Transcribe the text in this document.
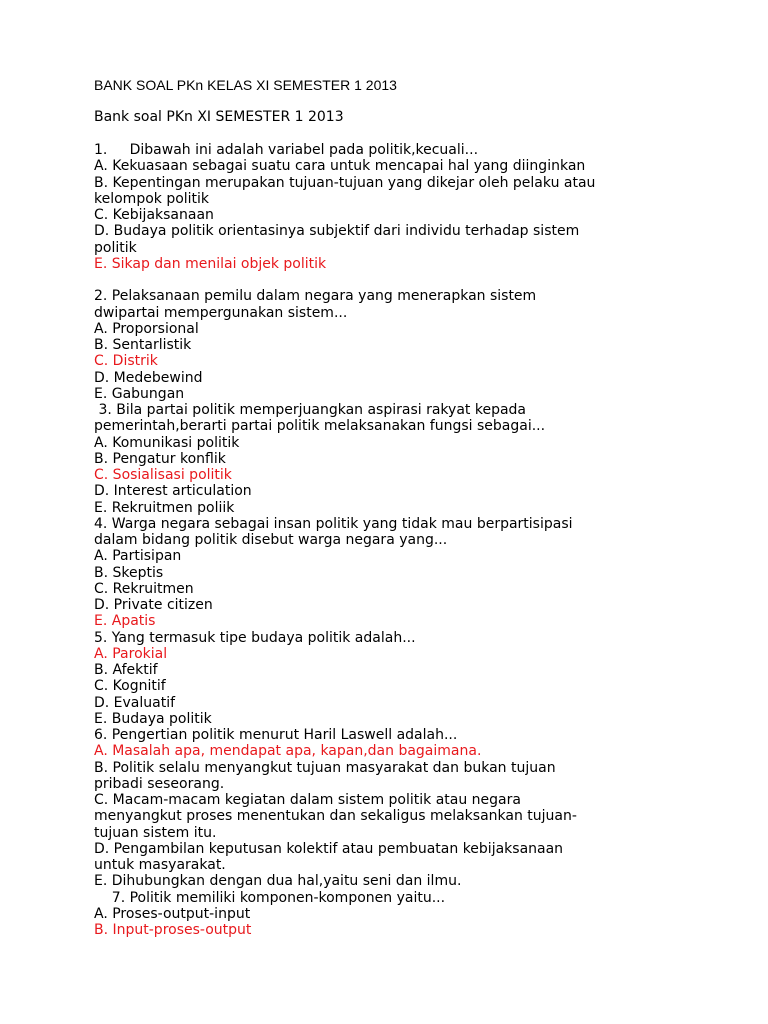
BANK SOAL PKn KELAS XI SEMESTER 1 2013
Bank soal PKn XI SEMESTER 1 2013
1.     Dibawah ini adalah variabel pada politik,kecuali...
A. Kekuasaan sebagai suatu cara untuk mencapai hal yang diinginkan
B. Kepentingan merupakan tujuan-tujuan yang dikejar oleh pelaku atau
kelompok politik
C. Kebijaksanaan
D. Budaya politik orientasinya subjektif dari individu terhadap sistem
politik
E. Sikap dan menilai objek politik
2. Pelaksanaan pemilu dalam negara yang menerapkan sistem
dwipartai mempergunakan sistem...
A. Proporsional
B. Sentarlistik
C. Distrik
D. Medebewind
E. Gabungan
3. Bila partai politik memperjuangkan aspirasi rakyat kepada
pemerintah,berarti partai politik melaksanakan fungsi sebagai...
A. Komunikasi politik
B. Pengatur konflik
C. Sosialisasi politik
D. Interest articulation
E. Rekruitmen poliik
4. Warga negara sebagai insan politik yang tidak mau berpartisipasi
dalam bidang politik disebut warga negara yang...
A. Partisipan
B. Skeptis
C. Rekruitmen
D. Private citizen
E. Apatis
5. Yang termasuk tipe budaya politik adalah...
A. Parokial
B. Afektif
C. Kognitif
D. Evaluatif
E. Budaya politik
6. Pengertian politik menurut Haril Laswell adalah...
A. Masalah apa, mendapat apa, kapan,dan bagaimana.
B. Politik selalu menyangkut tujuan masyarakat dan bukan tujuan
pribadi seseorang.
C. Macam-macam kegiatan dalam sistem politik atau negara
menyangkut proses menentukan dan sekaligus melaksankan tujuan-
tujuan sistem itu.
D. Pengambilan keputusan kolektif atau pembuatan kebijaksanaan
untuk masyarakat.
E. Dihubungkan dengan dua hal,yaitu seni dan ilmu.
7. Politik memiliki komponen-komponen yaitu...
A. Proses-output-input
B. Input-proses-output
